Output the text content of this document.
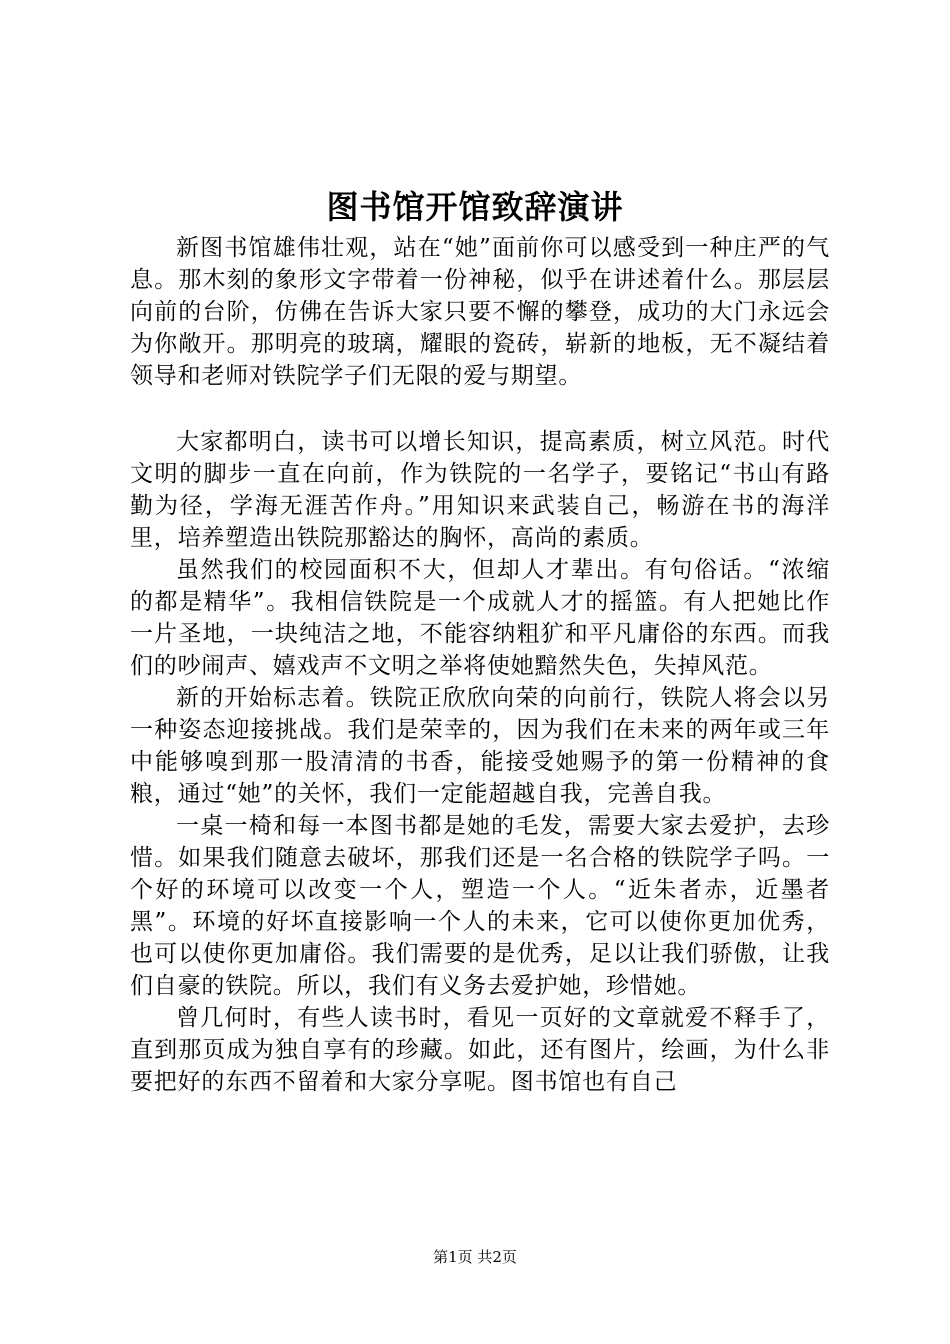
图书馆开馆致辞演讲

新图书馆雄伟壮观，站在“她”面前你可以感受到一种庄严的气息。那木刻的象形文字带着一份神秘，似乎在讲述着什么。那层层向前的台阶，仿佛在告诉大家只要不懈的攀登，成功的大门永远会为你敞开。那明亮的玻璃，耀眼的瓷砖，崭新的地板，无不凝结着领导和老师对铁院学子们无限的爱与期望。

大家都明白，读书可以增长知识，提高素质，树立风范。时代文明的脚步一直在向前，作为铁院的一名学子，要铭记“书山有路勤为径，学海无涯苦作舟。”用知识来武装自己，畅游在书的海洋里，培养塑造出铁院那豁达的胸怀，高尚的素质。

虽然我们的校园面积不大，但却人才辈出。有句俗话。“浓缩的都是精华”。我相信铁院是一个成就人才的摇篮。有人把她比作一片圣地，一块纯洁之地，不能容纳粗犷和平凡庸俗的东西。而我们的吵闹声、嬉戏声不文明之举将使她黯然失色，失掉风范。

新的开始标志着。铁院正欣欣向荣的向前行，铁院人将会以另一种姿态迎接挑战。我们是荣幸的，因为我们在未来的两年或三年中能够嗅到那一股清清的书香，能接受她赐予的第一份精神的食粮，通过“她”的关怀，我们一定能超越自我，完善自我。

一桌一椅和每一本图书都是她的毛发，需要大家去爱护，去珍惜。如果我们随意去破坏，那我们还是一名合格的铁院学子吗。一个好的环境可以改变一个人，塑造一个人。“近朱者赤，近墨者黑”。环境的好坏直接影响一个人的未来，它可以使你更加优秀，也可以使你更加庸俗。我们需要的是优秀，足以让我们骄傲，让我们自豪的铁院。所以，我们有义务去爱护她，珍惜她。

曾几何时，有些人读书时，看见一页好的文章就爱不释手了，直到那页成为独自享有的珍藏。如此，还有图片，绘画，为什么非要把好的东西不留着和大家分享呢。图书馆也有自己

第1页 共2页
